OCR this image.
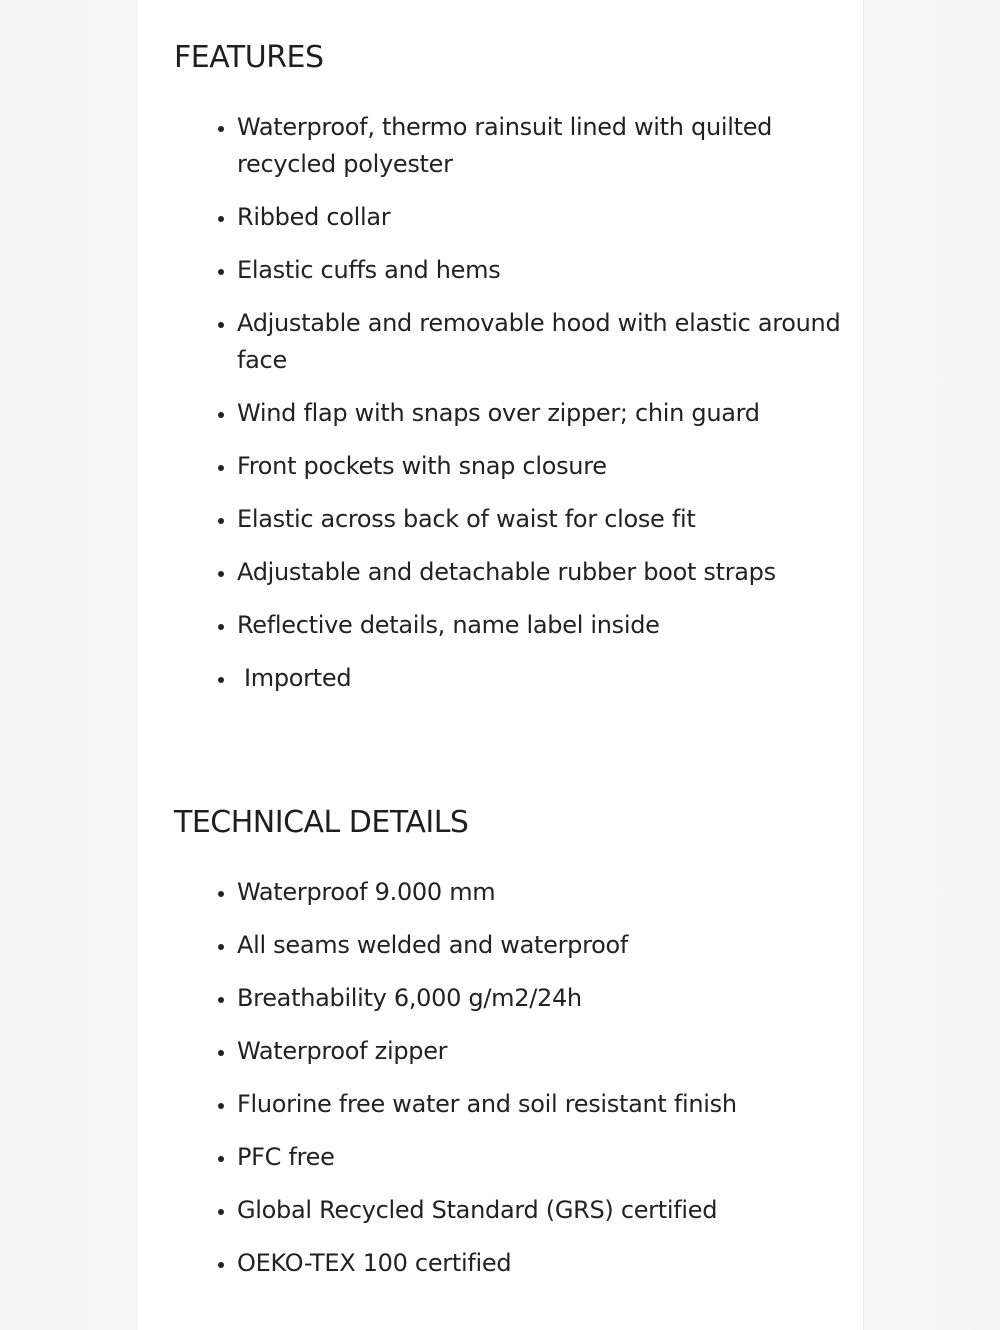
FEATURES
Waterproof, thermo rainsuit lined with quilted recycled polyester
Ribbed collar
Elastic cuffs and hems
Adjustable and removable hood with elastic around face
Wind flap with snaps over zipper; chin guard
Front pockets with snap closure
Elastic across back of waist for close fit
Adjustable and detachable rubber boot straps
Reflective details, name label inside
Imported
TECHNICAL DETAILS
Waterproof 9.000 mm
All seams welded and waterproof
Breathability 6,000 g/m2/24h
Waterproof zipper
Fluorine free water and soil resistant finish
PFC free
Global Recycled Standard (GRS) certified
OEKO-TEX 100 certified
